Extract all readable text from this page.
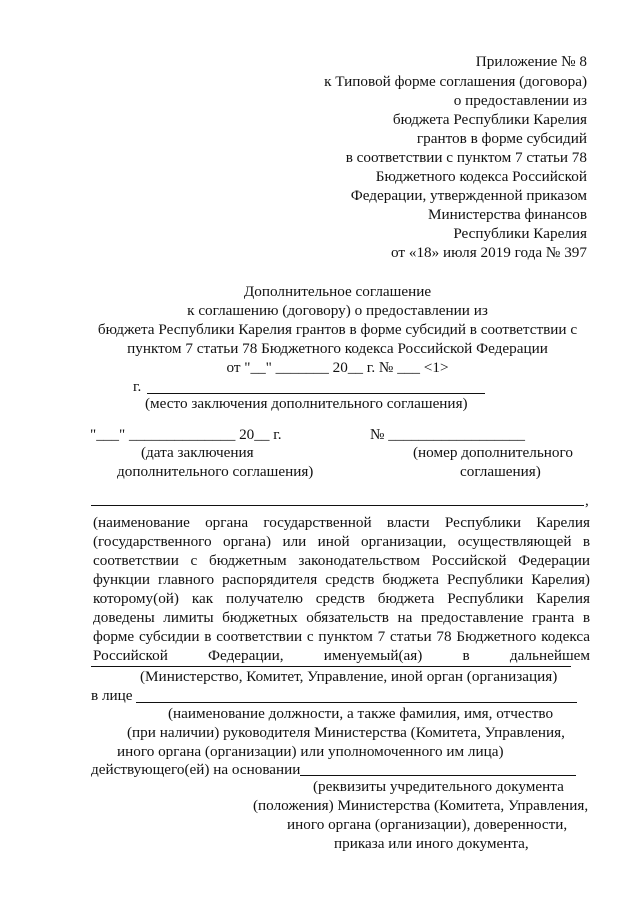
Приложение № 8
к Типовой форме соглашения (договора)
о предоставлении из
бюджета Республики Карелия
грантов в форме субсидий
в соответствии с пунктом 7 статьи 78
Бюджетного кодекса Российской
Федерации, утвержденной приказом
Министерства финансов
Республики Карелия
от «18» июля 2019 года № 397
Дополнительное соглашение
к соглашению (договору) о предоставлении из
бюджета Республики Карелия грантов в форме субсидий в соответствии с
пунктом 7 статьи 78 Бюджетного кодекса Российской Федерации
от "__" _______ 20__ г. № ___ <1>
г.
(место заключения дополнительного соглашения)
"___" ______________ 20__ г.
(дата заключения
дополнительного соглашения)
№ __________________
(номер дополнительного
соглашения)
,
(наименование органа государственной власти Республики Карелия
(государственного органа) или иной организации, осуществляющей в
соответствии с бюджетным законодательством Российской Федерации
функции главного распорядителя средств бюджета Республики Карелия)
которому(ой) как получателю средств бюджета Республики Карелия
доведены лимиты бюджетных обязательств на предоставление гранта в
форме субсидии в соответствии с пунктом 7 статьи 78 Бюджетного кодекса
Российской Федерации, именуемый(ая) в дальнейшем
(Министерство, Комитет, Управление, иной орган (организация)
в лице
(наименование должности, а также фамилия, имя, отчество
(при наличии) руководителя Министерства (Комитета, Управления,
иного органа (организации) или уполномоченного им лица)
действующего(ей) на основании
(реквизиты учредительного документа
(положения) Министерства (Комитета, Управления,
иного органа (организации), доверенности,
приказа или иного документа,
